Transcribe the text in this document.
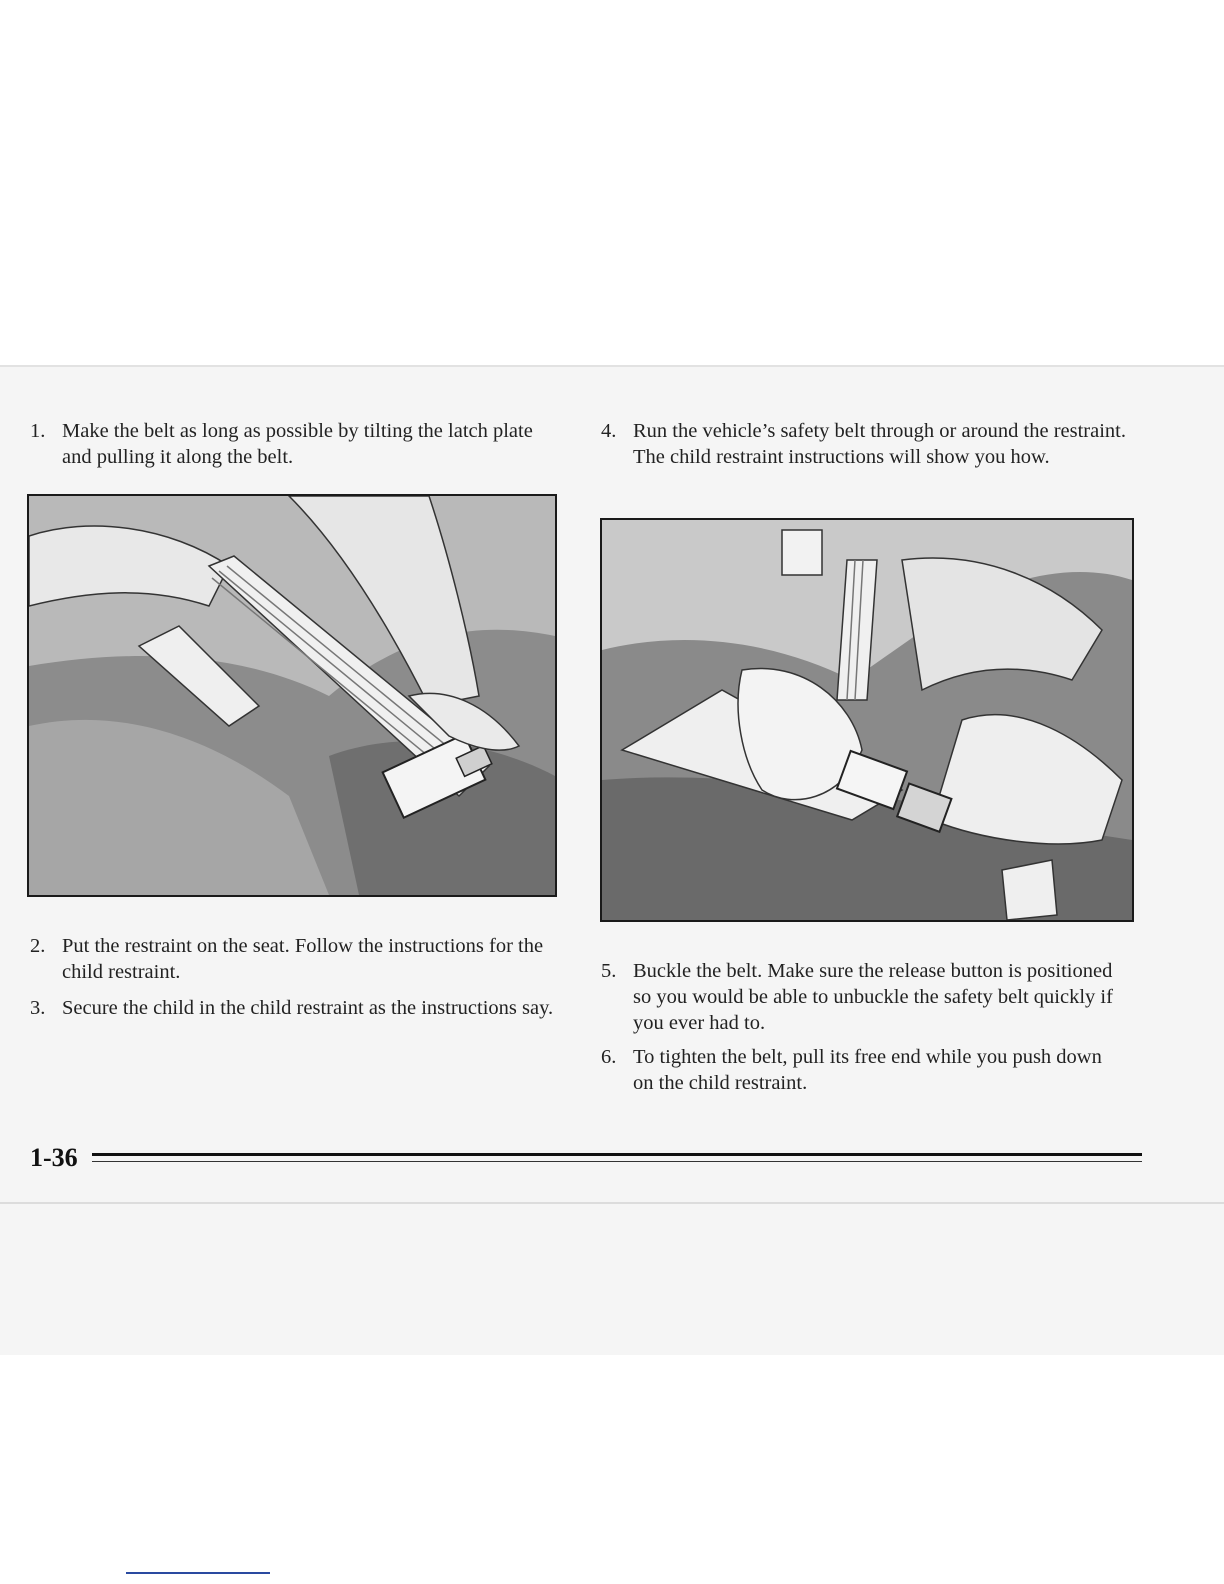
1. Make the belt as long as possible by tilting the latch plate and pulling it along the belt.
2. Put the restraint on the seat. Follow the instructions for the child restraint.
3. Secure the child in the child restraint as the instructions say.
4. Run the vehicle’s safety belt through or around the restraint. The child restraint instructions will show you how.
5. Buckle the belt. Make sure the release button is positioned so you would be able to unbuckle the safety belt quickly if you ever had to.
6. To tighten the belt, pull its free end while you push down on the child restraint.
1-36
